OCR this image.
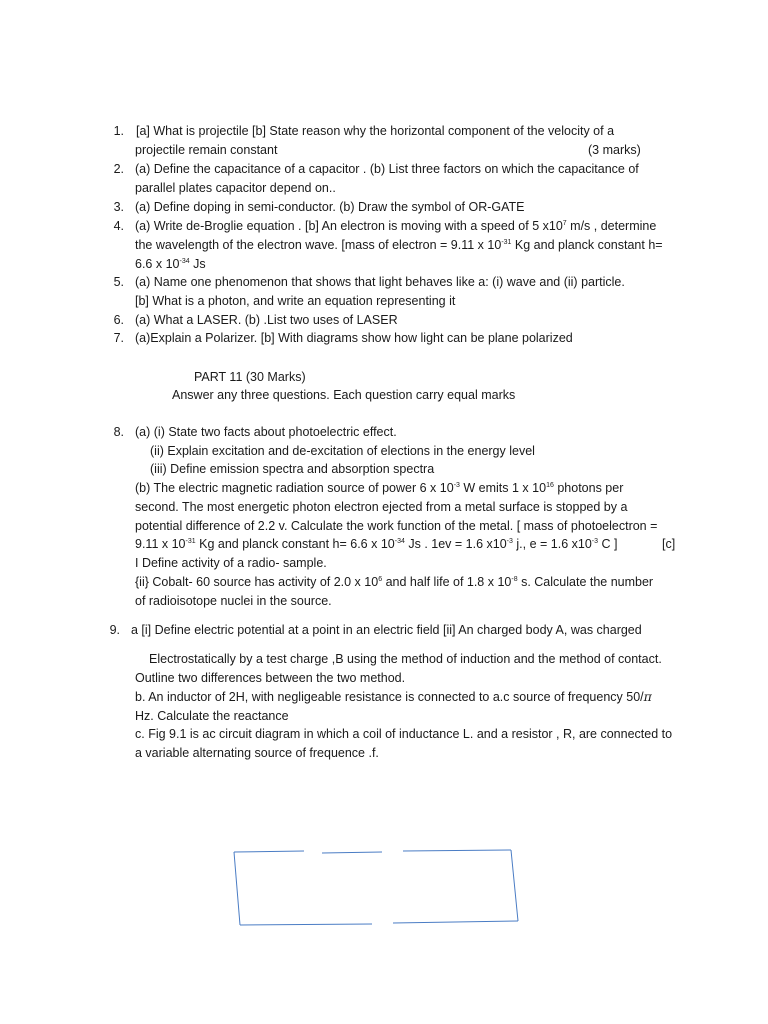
1. [a] What is projectile [b] State reason why the horizontal component of the velocity of a
projectile remain constant	(3 marks)
2. (a) Define the capacitance of a capacitor . (b) List three factors on which the capacitance of
parallel plates capacitor depend on..
3. (a) Define doping in semi-conductor. (b) Draw the symbol of OR-GATE
4. (a) Write de-Broglie equation . [b] An electron is moving with a speed of 5 $x10^7$ m/s , determine
the wavelength of the electron wave. [mass of electron = 9.11 x $10^{-31}$ Kg and planck constant h=
6.6 x $10^{-34}$ Js
5. (a) Name one phenomenon that shows that light behaves like a: (i) wave and (ii) particle.
[b] What is a photon, and write an equation representing it
6. (a) What a LASER. (b) .List two uses of LASER
7. (a)Explain a Polarizer. [b] With diagrams show how light can be plane polarized
PART 11 (30 Marks)
Answer any three questions. Each question carry equal marks
8. (a) (i) State two facts about photoelectric effect.
(ii) Explain excitation and de-excitation of elections in the energy level
(iii) Define emission spectra and absorption spectra
(b) The electric magnetic radiation source of power 6 x $10^{-3}$ W emits 1 x $10^{16}$ photons per
second. The most energetic photon electron ejected from a metal surface is stopped by a
potential difference of 2.2 v. Calculate the work function of the metal. [ mass of photoelectron =
9.11 x $10^{-31}$ Kg and planck constant h= 6.6 x $10^{-34}$ Js . 1ev = 1.6 $x10^{-3}$ j., e = 1.6 $x10^{-3}$ C ]	[c]
I Define activity of a radio- sample.
{ii} Cobalt- 60 source has activity of 2.0 x $10^6$ and half life of 1.8 x $10^{-8}$ s. Calculate the number
of radioisotope nuclei in the source.
9. a [i] Define electric potential at a point in an electric field [ii] An charged body A, was charged
Electrostatically by a test charge ,B using the method of induction and the method of contact.
Outline two differences between the two method.
b. An inductor of 2H, with negligeable resistance is connected to a.c source of frequency 50/π
Hz. Calculate the reactance
c. Fig 9.1 is ac circuit diagram in which a coil of inductance L. and a resistor , R, are connected to
a variable alternating source of frequence .f.
